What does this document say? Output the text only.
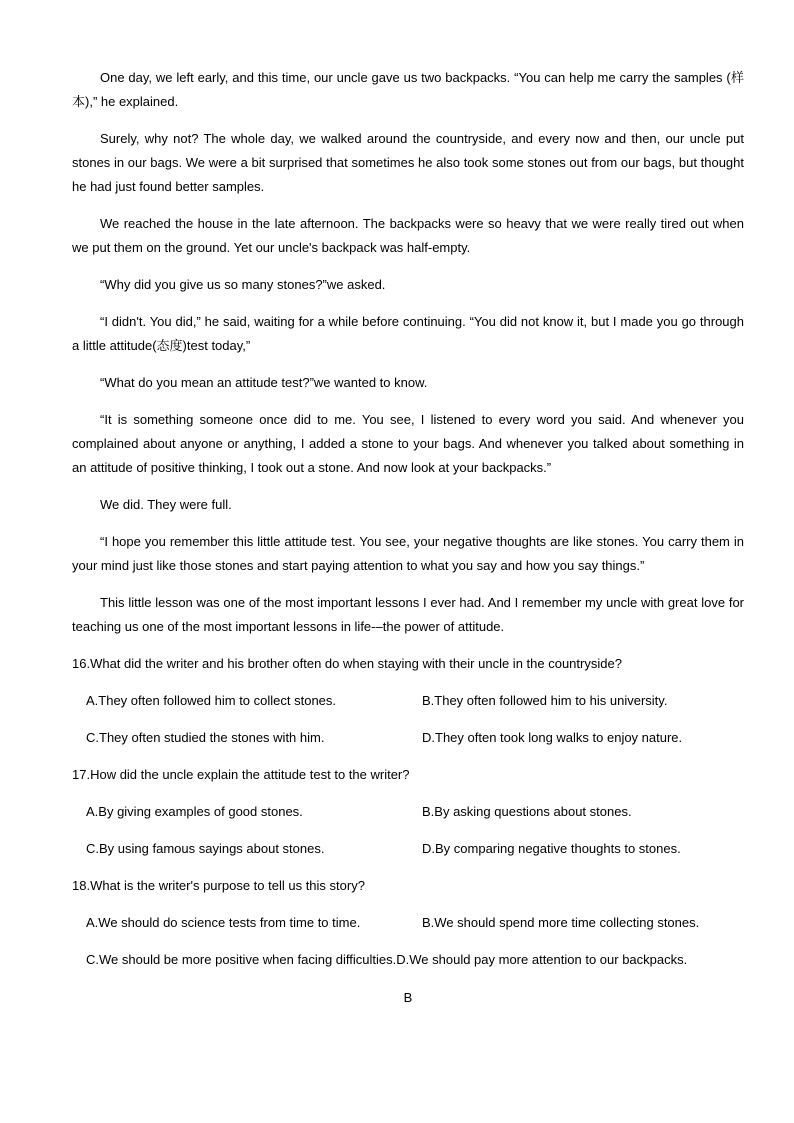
One day, we left early, and this time, our uncle gave us two backpacks. “You can help me carry the samples (样本),” he explained.

Surely, why not? The whole day, we walked around the countryside, and every now and then, our uncle put stones in our bags. We were a bit surprised that sometimes he also took some stones out from our bags, but thought he had just found better samples.

We reached the house in the late afternoon. The backpacks were so heavy that we were really tired out when we put them on the ground. Yet our uncle's backpack was half-empty.

“Why did you give us so many stones?”we asked.

“I didn't. You did,” he said, waiting for a while before continuing. “You did not know it, but I made you go through a little attitude(态度)test today,”

“What do you mean an attitude test?”we wanted to know.

“It is something someone once did to me. You see, I listened to every word you said. And whenever you complained about anyone or anything, I added a stone to your bags. And whenever you talked about something in an attitude of positive thinking, I took out a stone. And now look at your backpacks.”

We did. They were full.

“I hope you remember this little attitude test. You see, your negative thoughts are like stones. You carry them in your mind just like those stones and start paying attention to what you say and how you say things.”

This little lesson was one of the most important lessons I ever had. And I remember my uncle with great love for teaching us one of the most important lessons in life-–the power of attitude.

16.What did the writer and his brother often do when staying with their uncle in the countryside?
A.They often followed him to collect stones.	B.They often followed him to his university.
C.They often studied the stones with him.	D.They often took long walks to enjoy nature.
17.How did the uncle explain the attitude test to the writer?
A.By giving examples of good stones.	B.By asking questions about stones.
C.By using famous sayings about stones.	D.By comparing negative thoughts to stones.
18.What is the writer's purpose to tell us this story?
A.We should do science tests from time to time.	B.We should spend more time collecting stones.
C.We should be more positive when facing difficulties. D.We should pay more attention to our backpacks.
B
